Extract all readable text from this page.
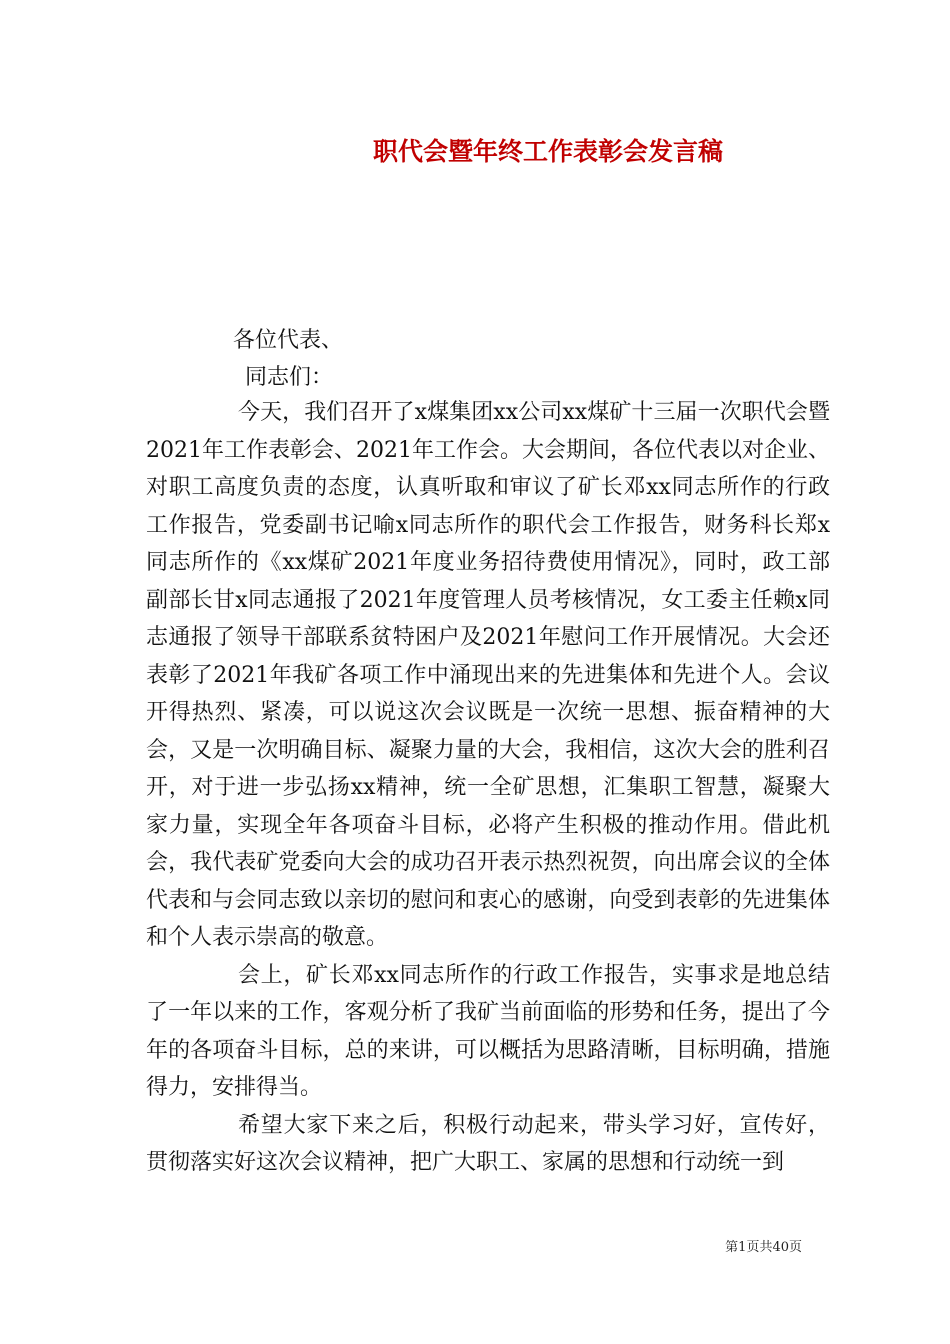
职代会暨年终工作表彰会发言稿
各位代表、
同志们：

今天，我们召开了x煤集团xx公司xx煤矿十三届一次职代会暨2021年工作表彰会、2021年工作会。大会期间，各位代表以对企业、对职工高度负责的态度，认真听取和审议了矿长邓xx同志所作的行政工作报告，党委副书记喻x同志所作的职代会工作报告，财务科长郑x同志所作的《xx煤矿2021年度业务招待费使用情况》，同时，政工部副部长甘x同志通报了2021年度管理人员考核情况，女工委主任赖x同志通报了领导干部联系贫特困户及2021年慰问工作开展情况。大会还表彰了2021年我矿各项工作中涌现出来的先进集体和先进个人。会议开得热烈、紧凑，可以说这次会议既是一次统一思想、振奋精神的大会，又是一次明确目标、凝聚力量的大会，我相信，这次大会的胜利召开，对于进一步弘扬xx精神，统一全矿思想，汇集职工智慧，凝聚大家力量，实现全年各项奋斗目标，必将产生积极的推动作用。借此机会，我代表矿党委向大会的成功召开表示热烈祝贺，向出席会议的全体代表和与会同志致以亲切的慰问和衷心的感谢，向受到表彰的先进集体和个人表示崇高的敬意。

会上，矿长邓xx同志所作的行政工作报告，实事求是地总结了一年以来的工作，客观分析了我矿当前面临的形势和任务，提出了今年的各项奋斗目标，总的来讲，可以概括为思路清晰，目标明确，措施得力，安排得当。

希望大家下来之后，积极行动起来，带头学习好，宣传好，贯彻落实好这次会议精神，把广大职工、家属的思想和行动统一到

第1页共40页
